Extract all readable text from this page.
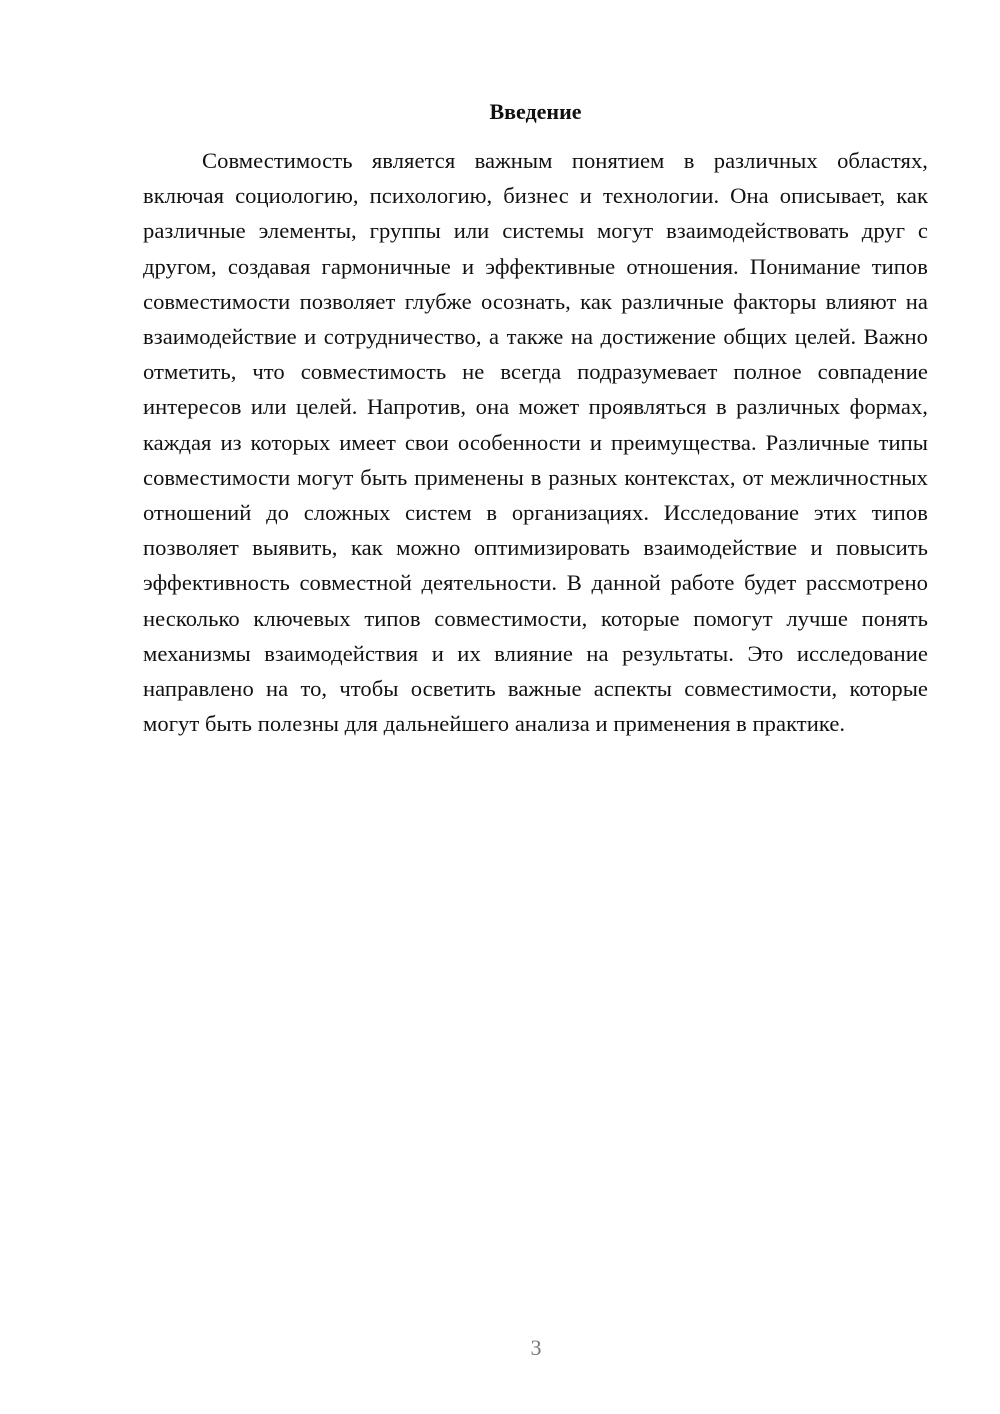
Введение

Совместимость является важным понятием в различных областях, включая социологию, психологию, бизнес и технологии. Она описывает, как различные элементы, группы или системы могут взаимодействовать друг с другом, создавая гармоничные и эффективные отношения. Понимание типов совместимости позволяет глубже осознать, как различные факторы влияют на взаимодействие и сотрудничество, а также на достижение общих целей. Важно отметить, что совместимость не всегда подразумевает полное совпадение интересов или целей. Напротив, она может проявляться в различных формах, каждая из которых имеет свои особенности и преимущества. Различные типы совместимости могут быть применены в разных контекстах, от межличностных отношений до сложных систем в организациях. Исследование этих типов позволяет выявить, как можно оптимизировать взаимодействие и повысить эффективность совместной деятельности. В данной работе будет рассмотрено несколько ключевых типов совместимости, которые помогут лучше понять механизмы взаимодействия и их влияние на результаты. Это исследование направлено на то, чтобы осветить важные аспекты совместимости, которые могут быть полезны для дальнейшего анализа и применения в практике.

3
